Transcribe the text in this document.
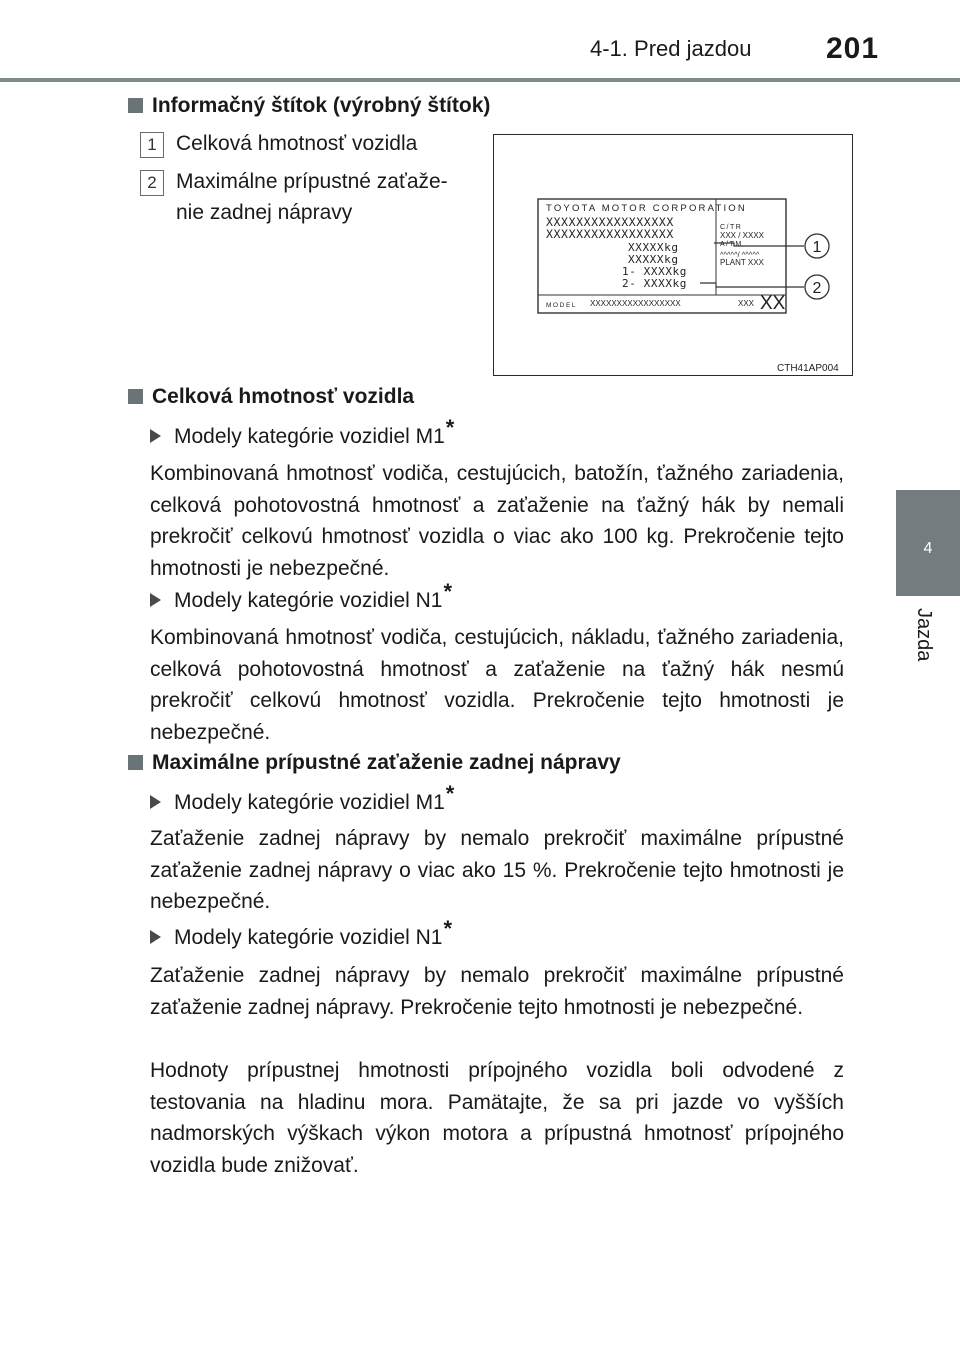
4-1. Pred jazdou 201
4
Jazda
Informačný štítok (výrobný štítok)
1 Celková hmotnosť vozidla
2 Maximálne prípustné zaťaže-
nie zadnej nápravy	TOYOTA MOTOR CORPORATION
XXXXXXXXXXXXXXXXX
XXXXXXXXXXXXXXXXX
XXXXXkg
XXXXXkg
1- XXXXkg
2- XXXXkg
C/TR
XXX / XXXX
A/TM
^^^^^/ ^^^^^
PLANT XXX
MODEL XXXXXXXXXXXXXXXXX	XXX XX
1
2
CTH41AP004
Celková hmotnosť vozidla
Modely kategórie vozidiel M1*
Kombinovaná hmotnosť vodiča, cestujúcich, batožín, ťažného zariadenia, celková pohotovostná hmotnosť a zaťaženie na ťažný hák by nemali prekročiť celkovú hmotnosť vozidla o viac ako 100 kg. Prekročenie tejto hmotnosti je nebezpečné.
Modely kategórie vozidiel N1*
Kombinovaná hmotnosť vodiča, cestujúcich, nákladu, ťažného zariadenia, celková pohotovostná hmotnosť a zaťaženie na ťažný hák nesmú prekročiť celkovú hmotnosť vozidla. Prekročenie tejto hmotnosti je nebezpečné.
Maximálne prípustné zaťaženie zadnej nápravy
Modely kategórie vozidiel M1*
Zaťaženie zadnej nápravy by nemalo prekročiť maximálne prípustné zaťaženie zadnej nápravy o viac ako 15 %. Prekročenie tejto hmotnosti je nebezpečné.
Modely kategórie vozidiel N1*
Zaťaženie zadnej nápravy by nemalo prekročiť maximálne prípustné zaťaženie zadnej nápravy. Prekročenie tejto hmotnosti je nebezpečné.
Hodnoty prípustnej hmotnosti prípojného vozidla boli odvodené z testovania na hladinu mora. Pamätajte, že sa pri jazde vo vyšších nadmorských výškach výkon motora a prípustná hmotnosť prípojného vozidla bude znižovať.
